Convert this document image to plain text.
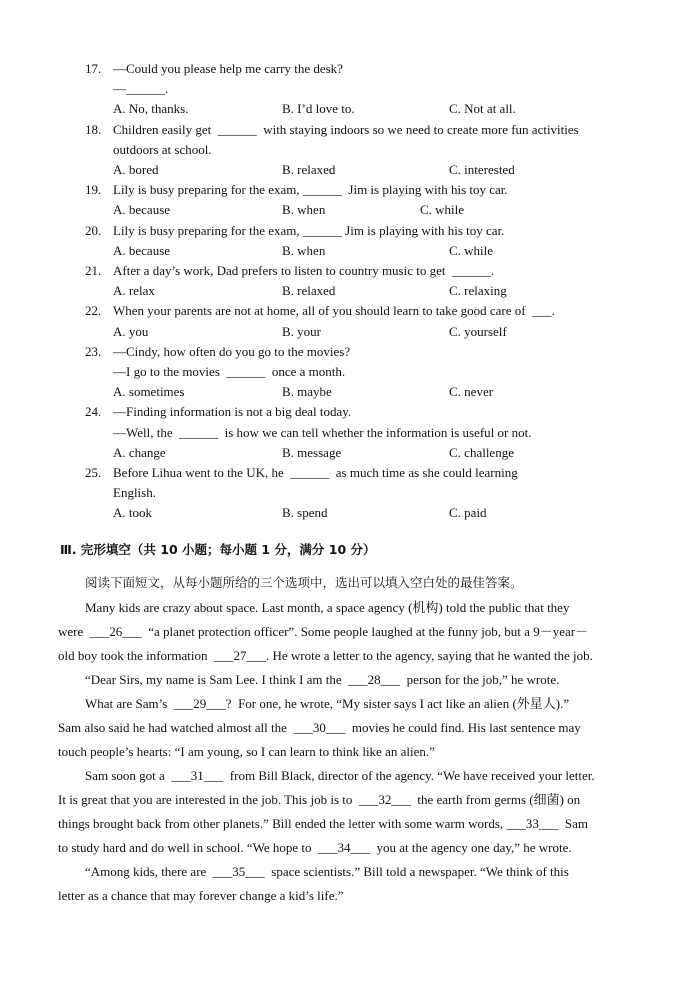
17. —Could you please help me carry the desk?
—______.
A. No, thanks.	B. I’d love to.	C. Not at all.
18. Children easily get  ______  with staying indoors so we need to create more fun activities
outdoors at school.
A. bored	B. relaxed	C. interested
19. Lily is busy preparing for the exam, ______  Jim is playing with his toy car.
A. because	B. when	C. while
20. Lily is busy preparing for the exam, ______ Jim is playing with his toy car.
A. because	B. when	C. while
21. After a day’s work, Dad prefers to listen to country music to get  ______.
A. relax	B. relaxed	C. relaxing
22. When your parents are not at home, all of you should learn to take good care of  ___.
A. you	B. your	C. yourself
23. —Cindy, how often do you go to the movies?
—I go to the movies  ______  once a month.
A. sometimes	B. maybe	C. never
24. —Finding information is not a big deal today.
—Well, the  ______  is how we can tell whether the information is useful or not.
A. change	B. message	C. challenge
25. Before Lihua went to the UK, he  ______  as much time as she could learning
English.
A. took	B. spend	C. paid
Ⅲ. 完形填空（共 10 小题；每小题 1 分，满分 10 分）
阅读下面短文，从每小题所给的三个选项中，选出可以填入空白处的最佳答案。
Many kids are crazy about space. Last month, a space agency (机构) told the public that they
were  ___26___  “a planet protection officer”. Some people laughed at the funny job, but a 9－year－
old boy took the information  ___27___. He wrote a letter to the agency, saying that he wanted the job.
“Dear Sirs, my name is Sam Lee. I think I am the  ___28___  person for the job,” he wrote.
What are Sam’s  ___29___?  For one, he wrote, “My sister says I act like an alien (外星人).”
Sam also said he had watched almost all the  ___30___  movies he could find. His last sentence may
touch people’s hearts: “I am young, so I can learn to think like an alien.”
Sam soon got a  ___31___  from Bill Black, director of the agency. “We have received your letter.
It is great that you are interested in the job. This job is to  ___32___  the earth from germs (细菌) on
things brought back from other planets.” Bill ended the letter with some warm words, ___33___  Sam
to study hard and do well in school. “We hope to  ___34___  you at the agency one day,” he wrote.
“Among kids, there are  ___35___  space scientists.” Bill told a newspaper. “We think of this
letter as a chance that may forever change a kid’s life.”
